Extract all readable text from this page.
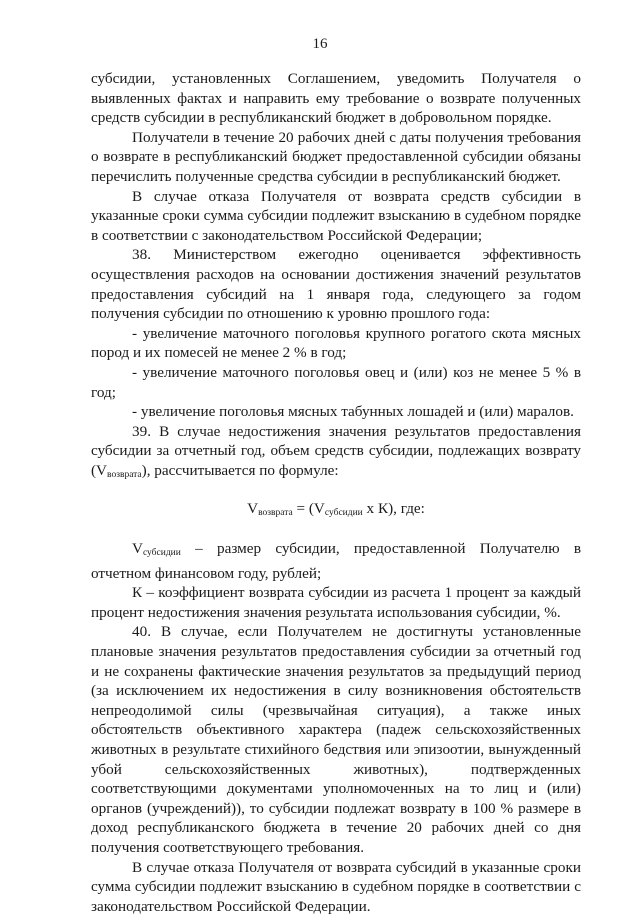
16

субсидии, установленных Соглашением, уведомить Получателя о выявленных фактах и направить ему требование о возврате полученных средств субсидии в республиканский бюджет в добровольном порядке.

Получатели в течение 20 рабочих дней с даты получения требования о возврате в республиканский бюджет предоставленной субсидии обязаны перечислить полученные средства субсидии в республиканский бюджет.

В случае отказа Получателя от возврата средств субсидии в указанные сроки сумма субсидии подлежит взысканию в судебном порядке в соответствии с законодательством Российской Федерации;

38. Министерством ежегодно оценивается эффективность осуществления расходов на основании достижения значений результатов предоставления субсидий на 1 января года, следующего за годом получения субсидии по отношению к уровню прошлого года:

- увеличение маточного поголовья крупного рогатого скота мясных пород и их помесей не менее 2 % в год;

- увеличение маточного поголовья овец и (или) коз не менее 5 % в год;

- увеличение поголовья мясных табунных лошадей и (или) маралов.

39. В случае недостижения значения результатов предоставления субсидии за отчетный год, объем средств субсидии, подлежащих возврату $(V_{возврата})$, рассчитывается по формуле:

$V_{возврата} = (V_{субсидии}$ x К), где:

$V_{субсидии}$ – размер субсидии, предоставленной Получателю в отчетном финансовом году, рублей;

К – коэффициент возврата субсидии из расчета 1 процент за каждый процент недостижения значения результата использования субсидии, %.

40. В случае, если Получателем не достигнуты установленные плановые значения результатов предоставления субсидии за отчетный год и не сохранены фактические значения результатов за предыдущий период (за исключением их недостижения в силу возникновения обстоятельств непреодолимой силы (чрезвычайная ситуация), а также иных обстоятельств объективного характера (падеж сельскохозяйственных животных в результате стихийного бедствия или эпизоотии, вынужденный убой сельскохозяйственных животных), подтвержденных соответствующими документами уполномоченных на то лиц и (или) органов (учреждений)), то субсидии подлежат возврату в 100 % размере в доход республиканского бюджета в течение 20 рабочих дней со дня получения соответствующего требования.

В случае отказа Получателя от возврата субсидий в указанные сроки сумма субсидии подлежит взысканию в судебном порядке в соответствии с законодательством Российской Федерации.
